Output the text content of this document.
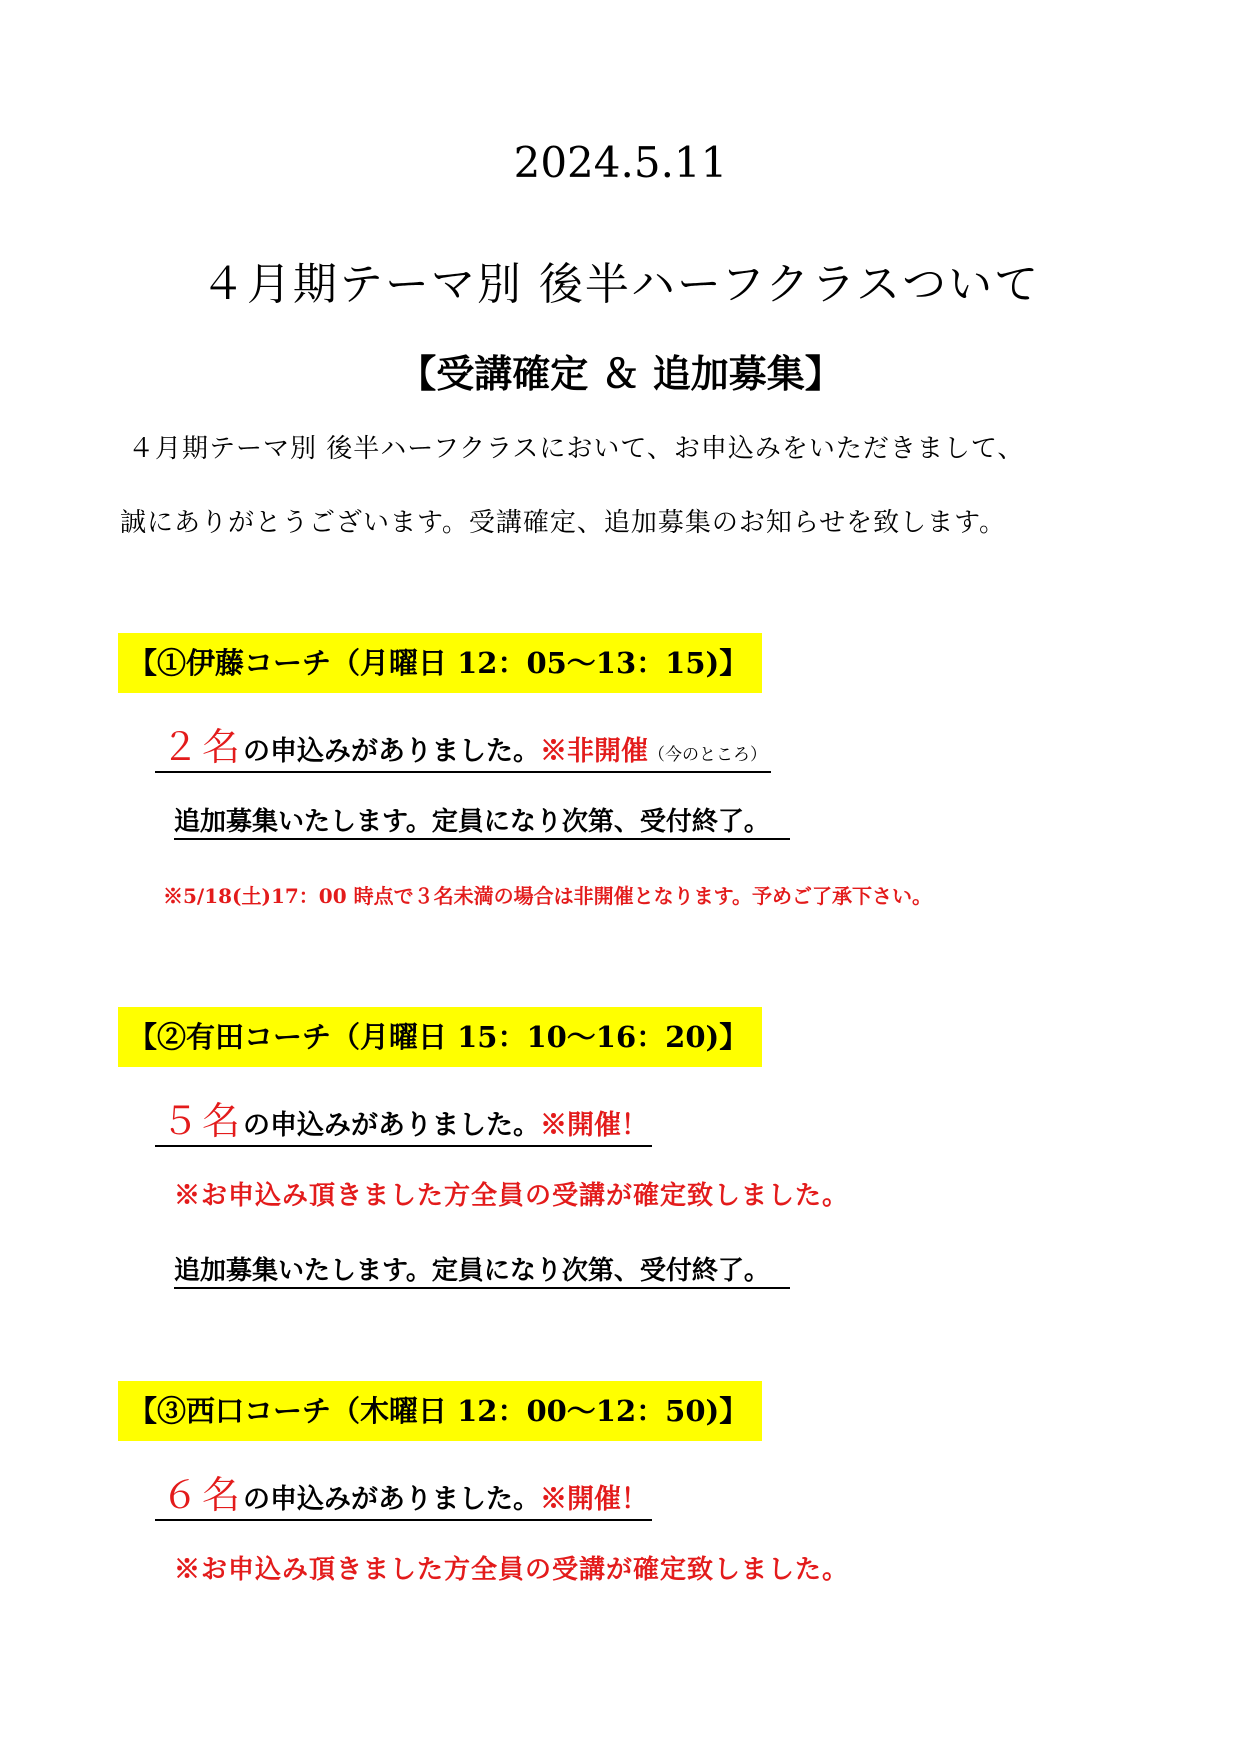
2024.5.11
４月期テーマ別 後半ハーフクラスついて
【受講確定 ＆ 追加募集】
４月期テーマ別 後半ハーフクラスにおいて、お申込みをいただきまして、
誠にありがとうございます。受講確定、追加募集のお知らせを致します。
【①伊藤コーチ（月曜日 12：05～13：15)】
２名の申込みがありました。※非開催（今のところ）
追加募集いたします。定員になり次第、受付終了。
※5/18(土)17：00 時点で３名未満の場合は非開催となります。予めご了承下さい。
【②有田コーチ（月曜日 15：10～16：20)】
５名の申込みがありました。※開催！
※お申込み頂きました方全員の受講が確定致しました。
追加募集いたします。定員になり次第、受付終了。
【③西口コーチ（木曜日 12：00～12：50)】
６名の申込みがありました。※開催！
※お申込み頂きました方全員の受講が確定致しました。
